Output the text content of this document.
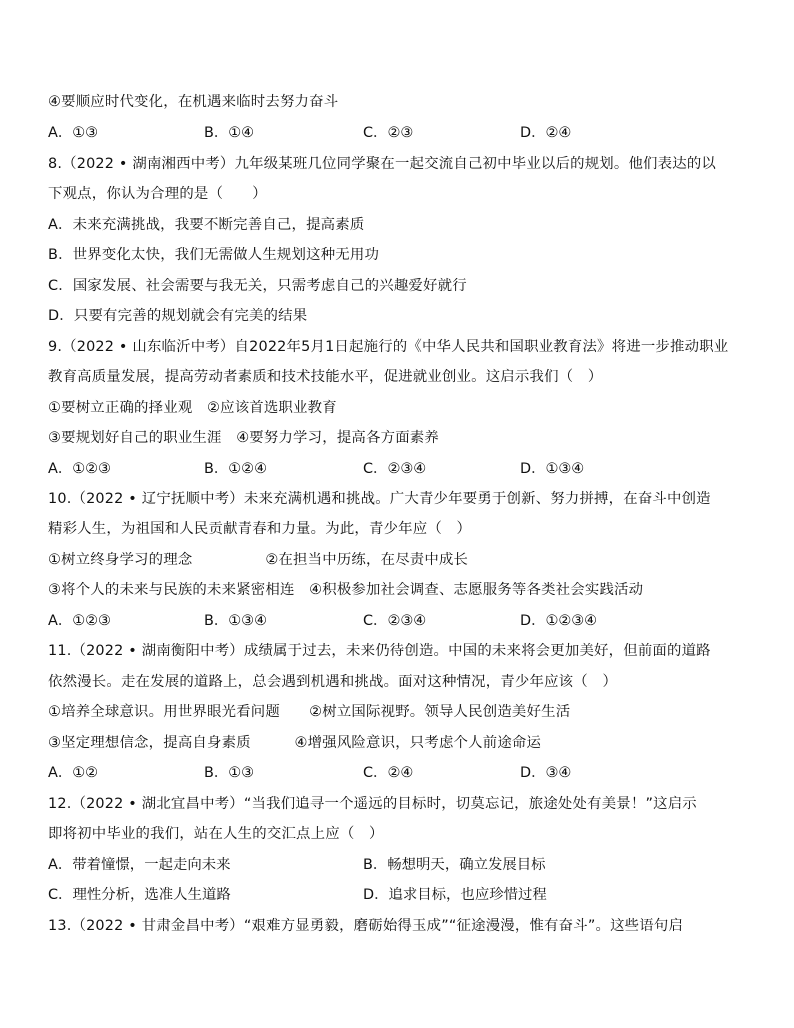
④要顺应时代变化，在机遇来临时去努力奋斗
A．①③	B．①④	C．②③	D．②④
8.（2022 • 湖南湘西中考）九年级某班几位同学聚在一起交流自己初中毕业以后的规划。他们表达的以
下观点，你认为合理的是（　　）
A．未来充满挑战，我要不断完善自己，提高素质
B．世界变化太快，我们无需做人生规划这种无用功
C．国家发展、社会需要与我无关，只需考虑自己的兴趣爱好就行
D．只要有完善的规划就会有完美的结果
9.（2022 • 山东临沂中考）自2022年5月1日起施行的《中华人民共和国职业教育法》将进一步推动职业
教育高质量发展，提高劳动者素质和技术技能水平，促进就业创业。这启示我们（　）
①要树立正确的择业观　②应该首选职业教育
③要规划好自己的职业生涯　④要努力学习，提高各方面素养
A．①②③	B．①②④	C．②③④	D．①③④
10.（2022 • 辽宁抚顺中考）未来充满机遇和挑战。广大青少年要勇于创新、努力拼搏，在奋斗中创造
精彩人生，为祖国和人民贡献青春和力量。为此，青少年应（　）
①树立终身学习的理念　　　　　②在担当中历练，在尽责中成长
③将个人的未来与民族的未来紧密相连　④积极参加社会调查、志愿服务等各类社会实践活动
A．①②③	B．①③④	C．②③④	D．①②③④
11.（2022 • 湖南衡阳中考）成绩属于过去，未来仍待创造。中国的未来将会更加美好，但前面的道路
依然漫长。走在发展的道路上，总会遇到机遇和挑战。面对这种情况，青少年应该（　）
①培养全球意识。用世界眼光看问题　　②树立国际视野。领导人民创造美好生活
③坚定理想信念，提高自身素质　　　④增强风险意识，只考虑个人前途命运
A．①②	B．①③	C．②④	D．③④
12.（2022 • 湖北宜昌中考）“当我们追寻一个遥远的目标时，切莫忘记，旅途处处有美景！”这启示
即将初中毕业的我们，站在人生的交汇点上应（　）
A．带着憧憬，一起走向未来	B．畅想明天，确立发展目标
C．理性分析，选准人生道路	D．追求目标，也应珍惜过程
13.（2022 • 甘肃金昌中考）“艰难方显勇毅，磨砺始得玉成”“征途漫漫，惟有奋斗”。这些语句启
